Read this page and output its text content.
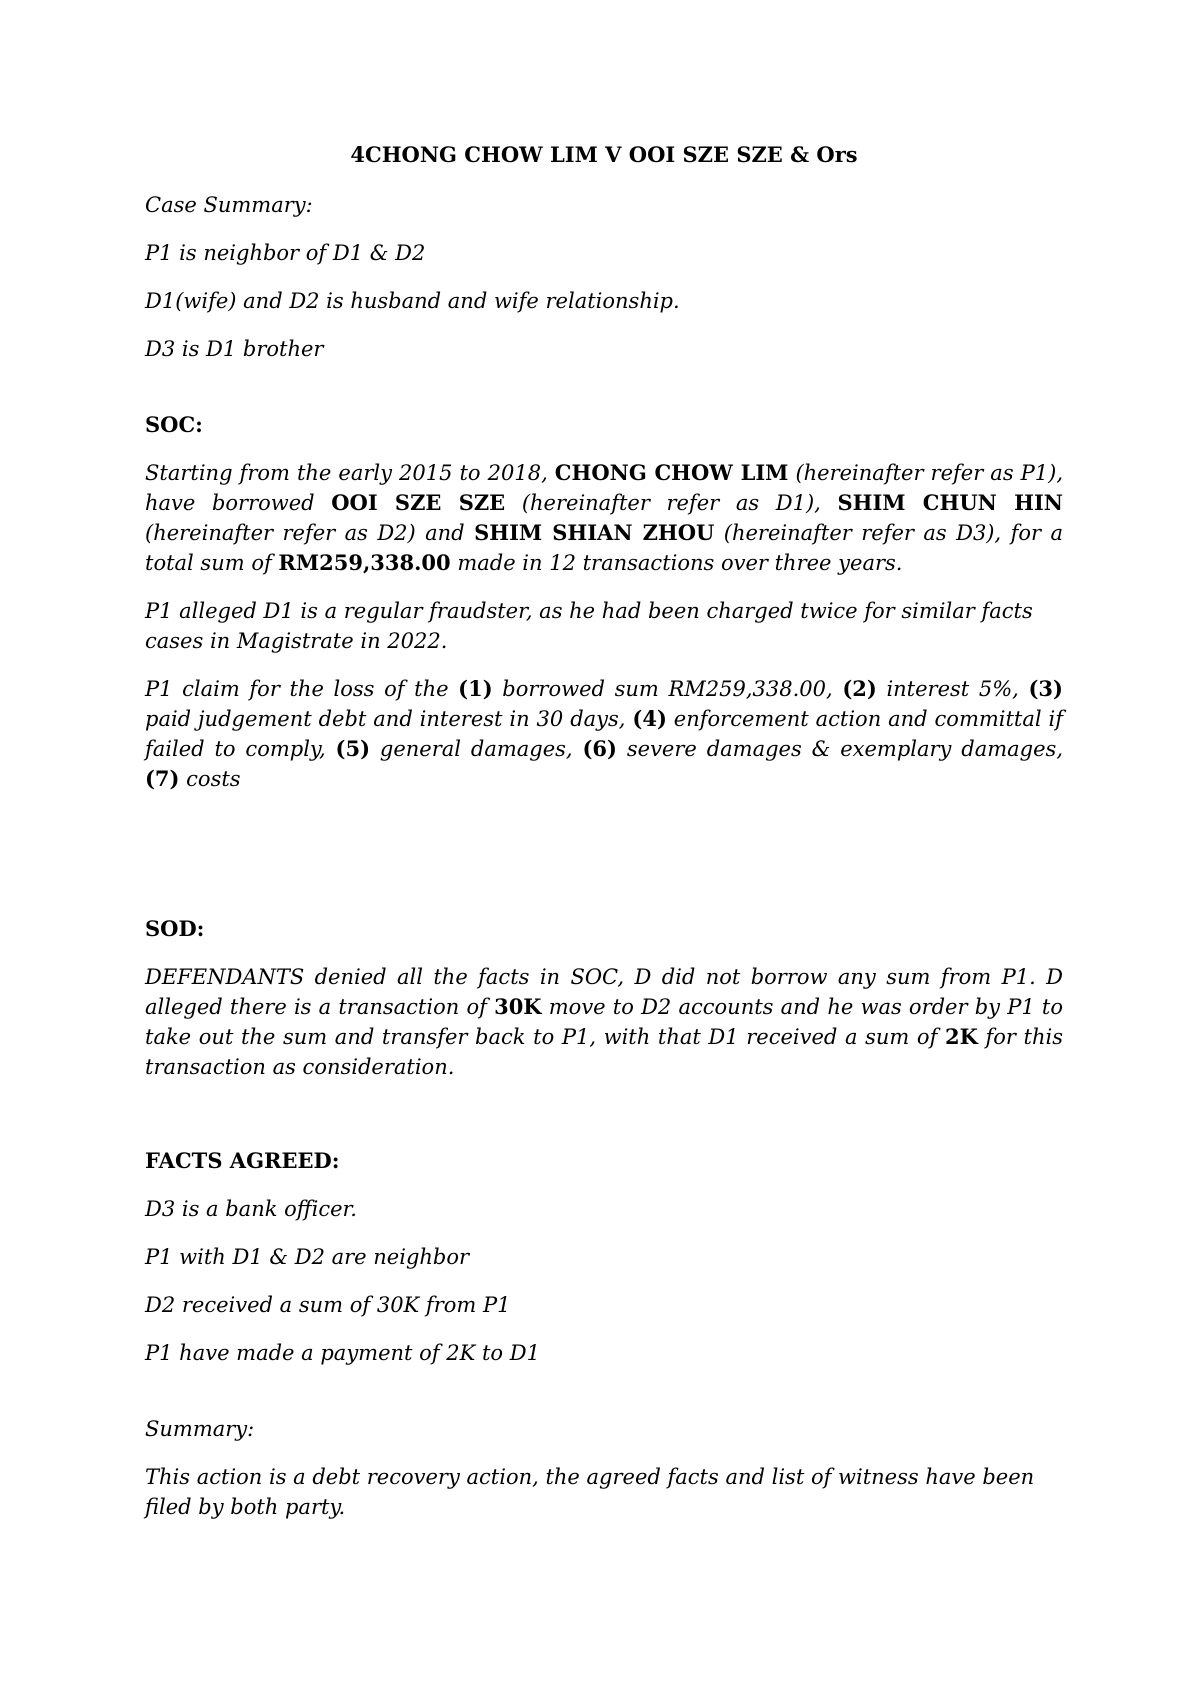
4CHONG CHOW LIM V OOI SZE SZE & Ors

Case Summary:

P1 is neighbor of D1 & D2

D1(wife) and D2 is husband and wife relationship.

D3 is D1 brother

SOC:

Starting from the early 2015 to 2018, CHONG CHOW LIM (hereinafter refer as P1), have borrowed OOI SZE SZE (hereinafter refer as D1), SHIM CHUN HIN (hereinafter refer as D2) and SHIM SHIAN ZHOU (hereinafter refer as D3), for a total sum of RM259,338.00 made in 12 transactions over three years.

P1 alleged D1 is a regular fraudster, as he had been charged twice for similar facts cases in Magistrate in 2022.

P1 claim for the loss of the (1) borrowed sum RM259,338.00, (2) interest 5%, (3) paid judgement debt and interest in 30 days, (4) enforcement action and committal if failed to comply, (5) general damages, (6) severe damages & exemplary damages, (7) costs

SOD:

DEFENDANTS denied all the facts in SOC, D did not borrow any sum from P1. D alleged there is a transaction of 30K move to D2 accounts and he was order by P1 to take out the sum and transfer back to P1, with that D1 received a sum of 2K for this transaction as consideration.

FACTS AGREED:

D3 is a bank officer.

P1 with D1 & D2 are neighbor

D2 received a sum of 30K from P1

P1 have made a payment of 2K to D1

Summary:

This action is a debt recovery action, the agreed facts and list of witness have been filed by both party.
